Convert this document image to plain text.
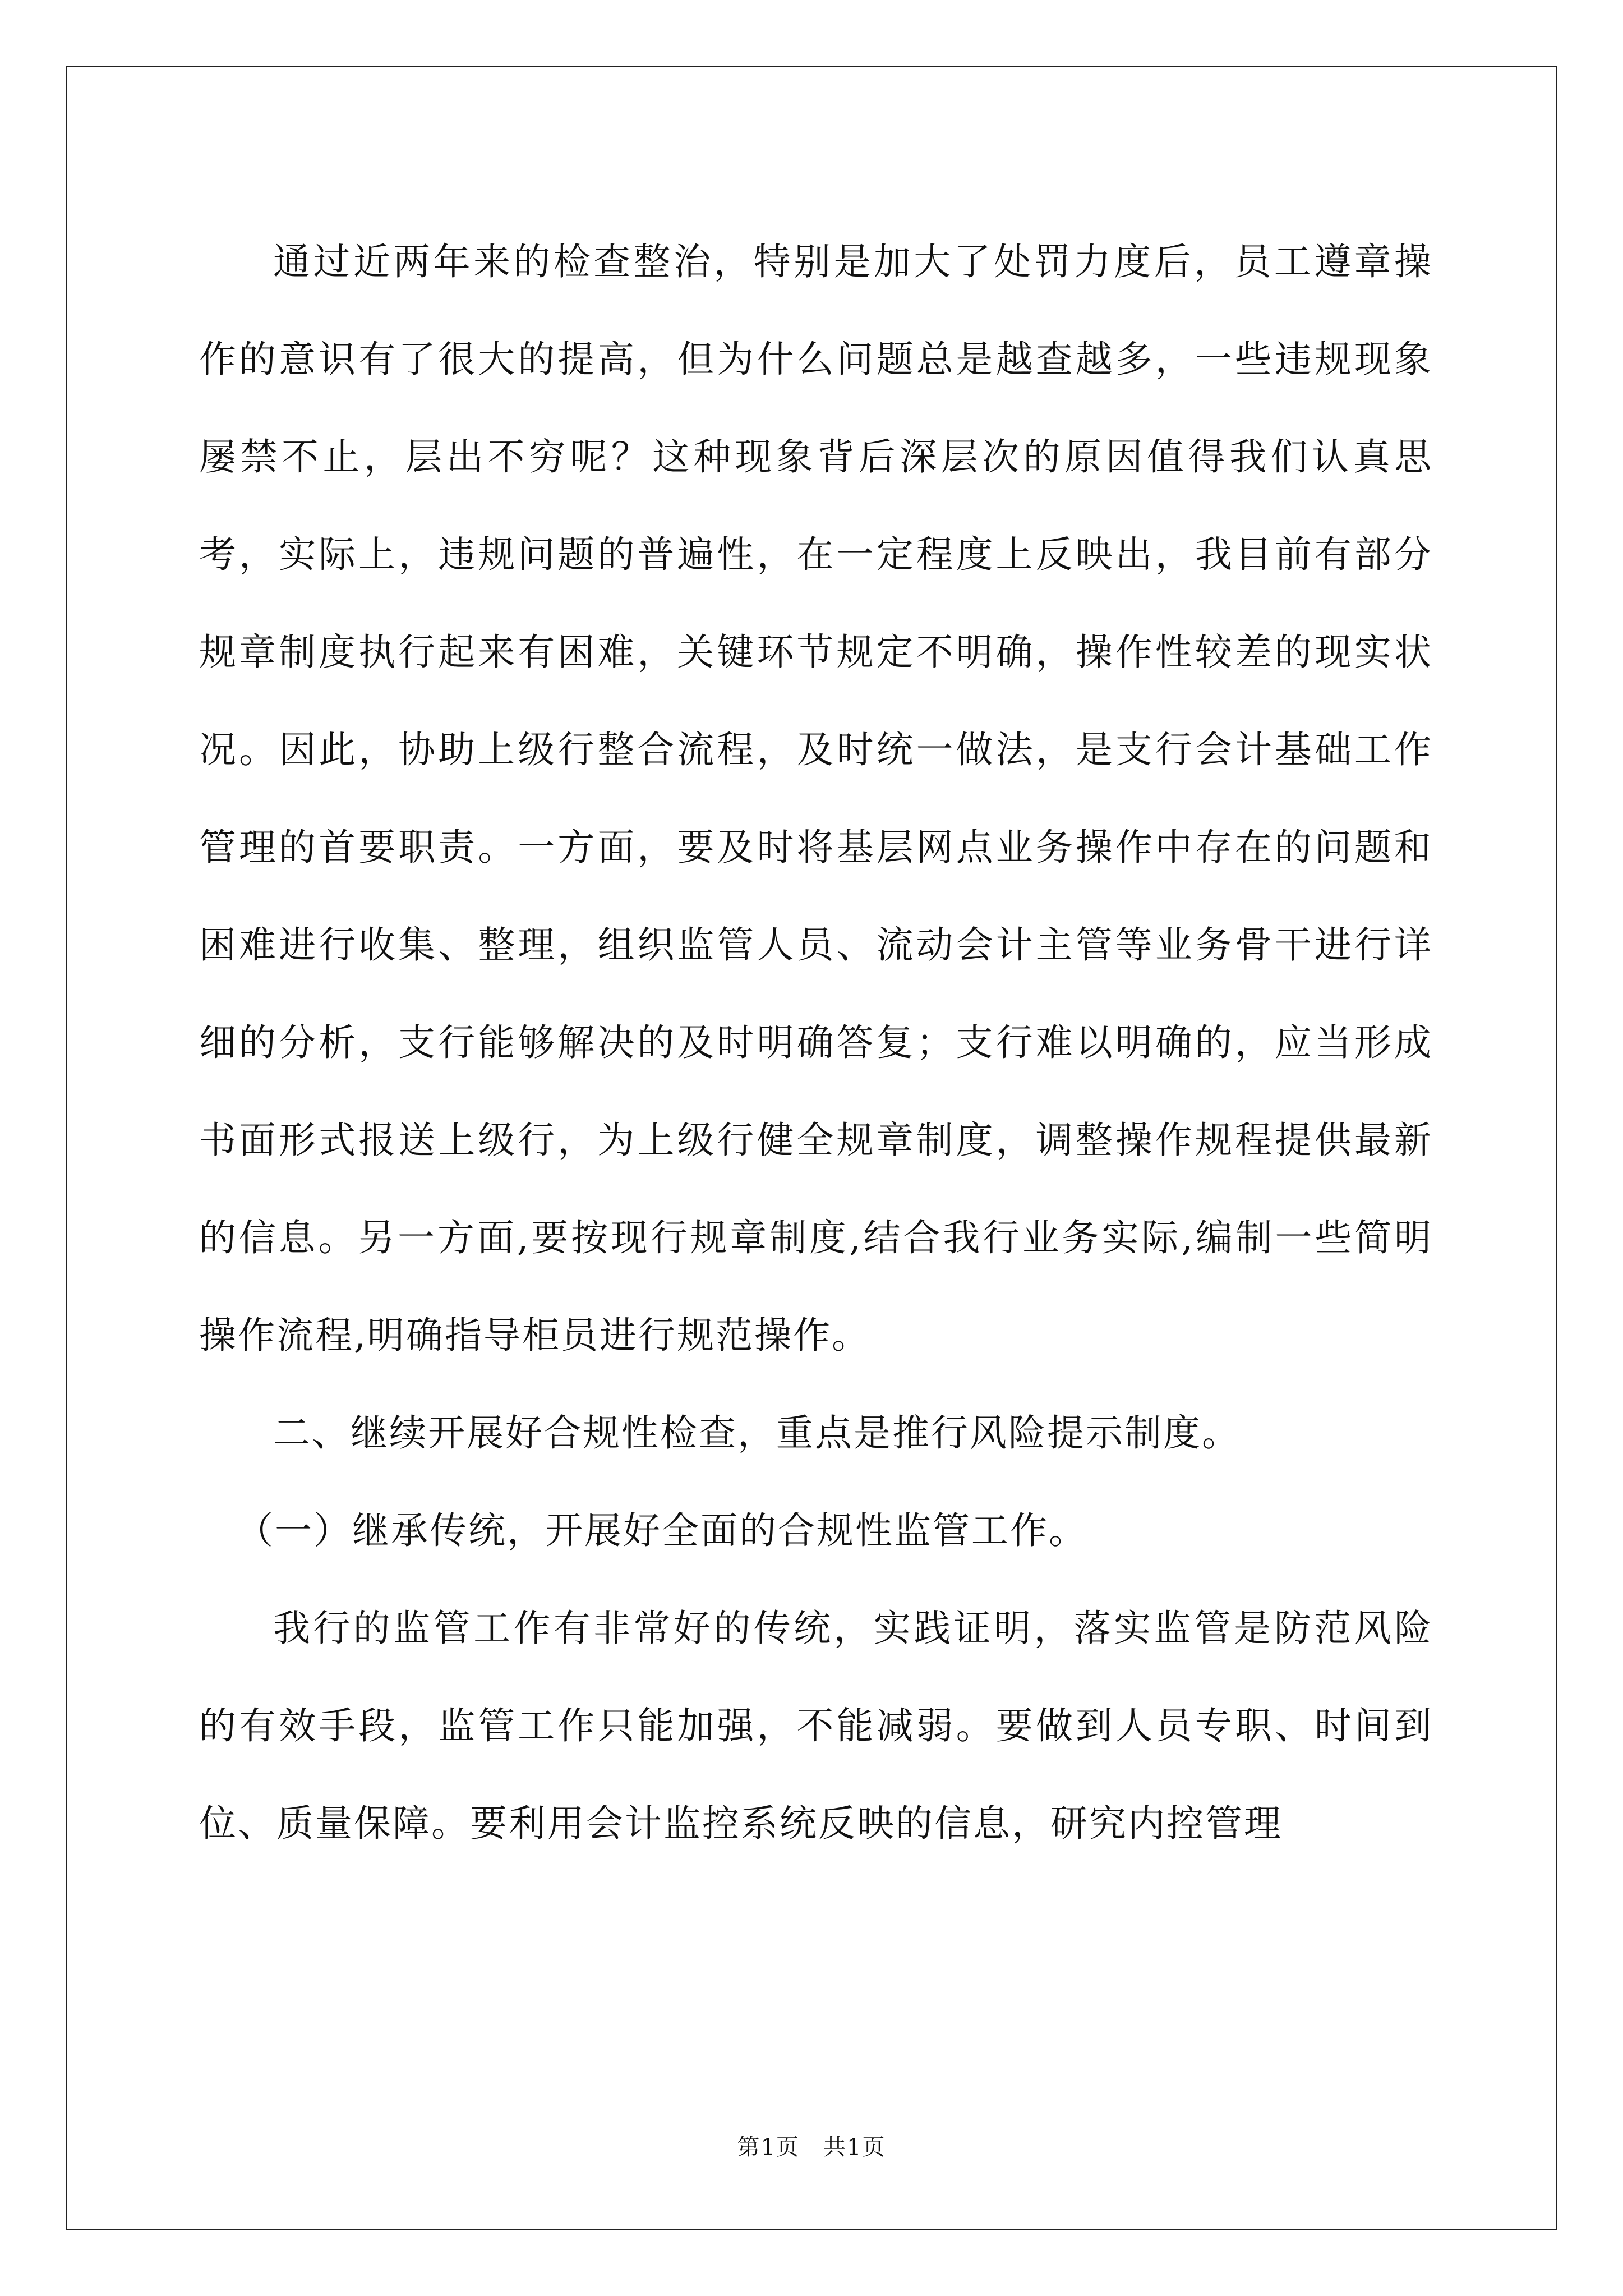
通过近两年来的检查整治，特别是加大了处罚力度后，员工遵章操作的意识有了很大的提高，但为什么问题总是越查越多，一些违规现象屡禁不止，层出不穷呢？这种现象背后深层次的原因值得我们认真思考，实际上，违规问题的普遍性，在一定程度上反映出，我目前有部分规章制度执行起来有困难，关键环节规定不明确，操作性较差的现实状况。因此，协助上级行整合流程，及时统一做法，是支行会计基础工作管理的首要职责。一方面，要及时将基层网点业务操作中存在的问题和困难进行收集、整理，组织监管人员、流动会计主管等业务骨干进行详细的分析，支行能够解决的及时明确答复；支行难以明确的，应当形成书面形式报送上级行，为上级行健全规章制度，调整操作规程提供最新的信息。另一方面,要按现行规章制度,结合我行业务实际,编制一些简明操作流程,明确指导柜员进行规范操作。

二、继续开展好合规性检查，重点是推行风险提示制度。

（一）继承传统，开展好全面的合规性监管工作。

我行的监管工作有非常好的传统，实践证明，落实监管是防范风险的有效手段，监管工作只能加强，不能减弱。要做到人员专职、时间到位、质量保障。要利用会计监控系统反映的信息，研究内控管理

第1页　共1页
